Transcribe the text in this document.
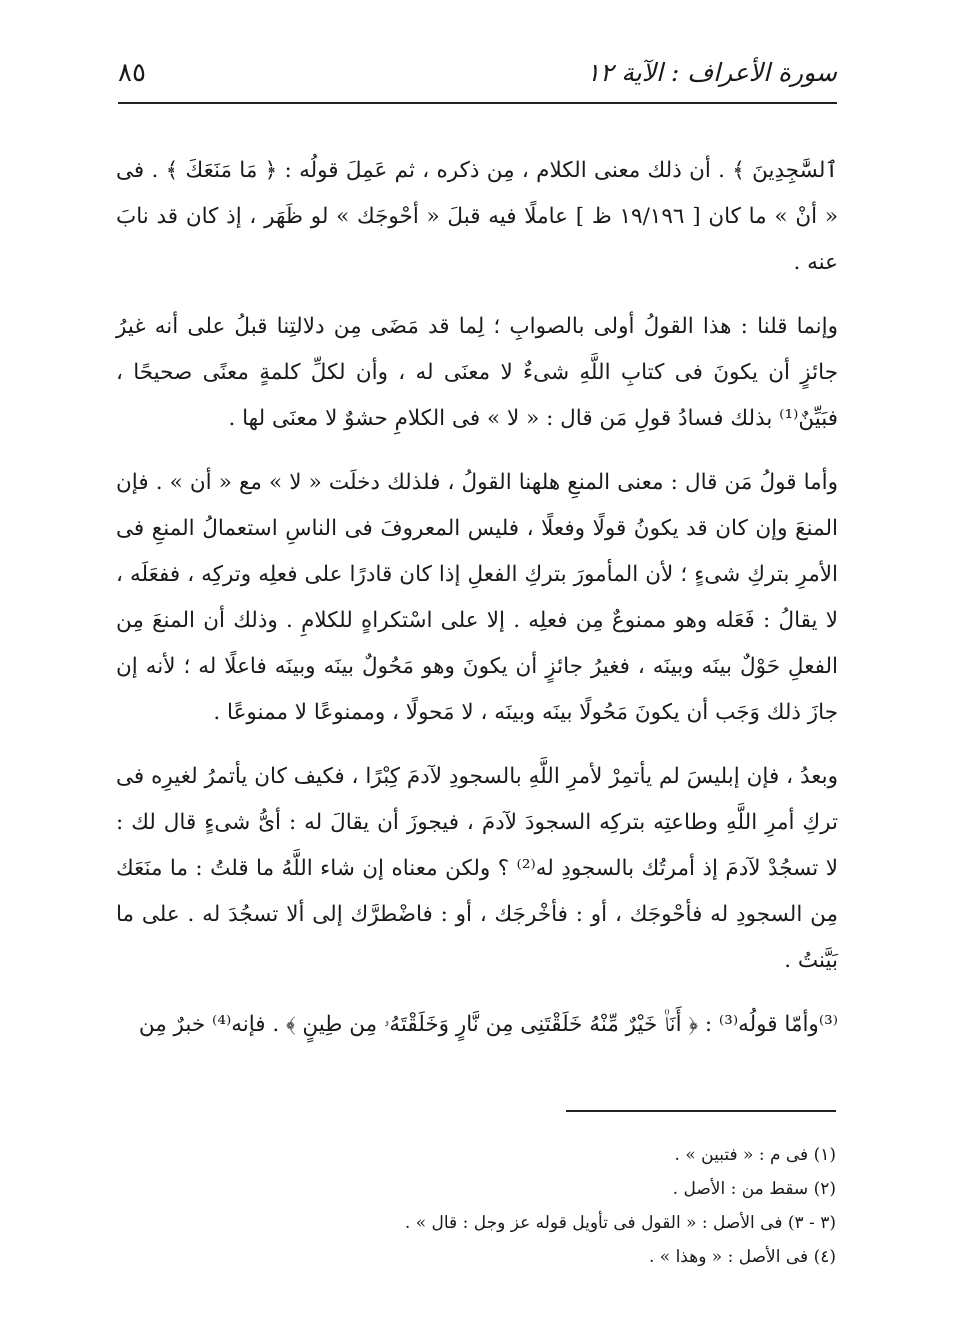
٨٥	سورة الأعراف : الآية ١٢

ٱلسَّٰجِدِينَ ﴾ . أن ذلك معنى الكلام ، مِن ذكره ، ثم عَمِلَ قولُه : ﴿ مَا مَنَعَكَ ﴾ . فى « أنْ » ما كان [ ١٩/١٩٦ ظ ] عاملًا فيه قبلَ « أحْوجَك » لو ظَهَر ، إذ كان قد نابَ عنه .

وإنما قلنا : هذا القولُ أولى بالصوابِ ؛ لِما قد مَضَى مِن دلالتِنا قبلُ على أنه غيرُ جائزٍ أن يكونَ فى كتابِ اللَّهِ شىءٌ لا معنَى له ، وأن لكلِّ كلمةٍ معنًى صحيحًا ، فبَيِّنٌ⁽¹⁾ بذلك فسادُ قولِ مَن قال : « لا » فى الكلامِ حشوٌ لا معنَى لها .

وأما قولُ مَن قال : معنى المنعِ هلهنا القولُ ، فلذلك دخلَت « لا » مع « أن » . فإن المنعَ وإن كان قد يكونُ قولًا وفعلًا ، فليس المعروفَ فى الناسِ استعمالُ المنعِ فى الأمرِ بتركِ شىءٍ ؛ لأن المأمورَ بتركِ الفعلِ إذا كان قادرًا على فعلِه وتركِه ، ففعَلَه ، لا يقالُ : فَعَله وهو ممنوعٌ مِن فعلِه . إلا على اسْتكراهٍ للكلامِ . وذلك أن المنعَ مِن الفعلِ حَوْلٌ بينَه وبينَه ، فغيرُ جائزٍ أن يكونَ وهو مَحُولٌ بينَه وبينَه فاعلًا له ؛ لأنه إن جازَ ذلك وَجَب أن يكونَ مَحُولًا بينَه وبينَه ، لا مَحولًا ، وممنوعًا لا ممنوعًا .

وبعدُ ، فإن إبليسَ لم يأتمِرْ لأمرِ اللَّهِ بالسجودِ لآدمَ كِبْرًا ، فكيف كان يأتمرُ لغيرِه فى تركِ أمرِ اللَّهِ وطاعتِه بتركِه السجودَ لآدمَ ، فيجوزَ أن يقالَ له : أىُّ شىءٍ قال لك : لا تسجُدْ لآدمَ إذ أمرتُك بالسجودِ له⁽²⁾ ؟ ولكن معناه إن شاء اللَّهُ ما قلتُ : ما منَعَك مِن السجودِ له فأحْوجَك ، أو : فأخْرجَك ، أو : فاضْطرَّك إلى ألا تسجُدَ له . على ما بَيَّنتُ .

⁽³⁾وأمّا قولُه⁽³⁾ : ﴿ أَنَا۠ خَيْرٌ مِّنْهُ خَلَقْتَنِى مِن نَّارٍ وَخَلَقْتَهُۥ مِن طِينٍ ﴾ . فإنه⁽⁴⁾ خبرٌ مِن

(١) فى م : « فتبين » .

(٢) سقط من : الأصل .

(٣ - ٣) فى الأصل : « القول فى تأويل قوله عز وجل : قال » .

(٤) فى الأصل : « وهذا » .
